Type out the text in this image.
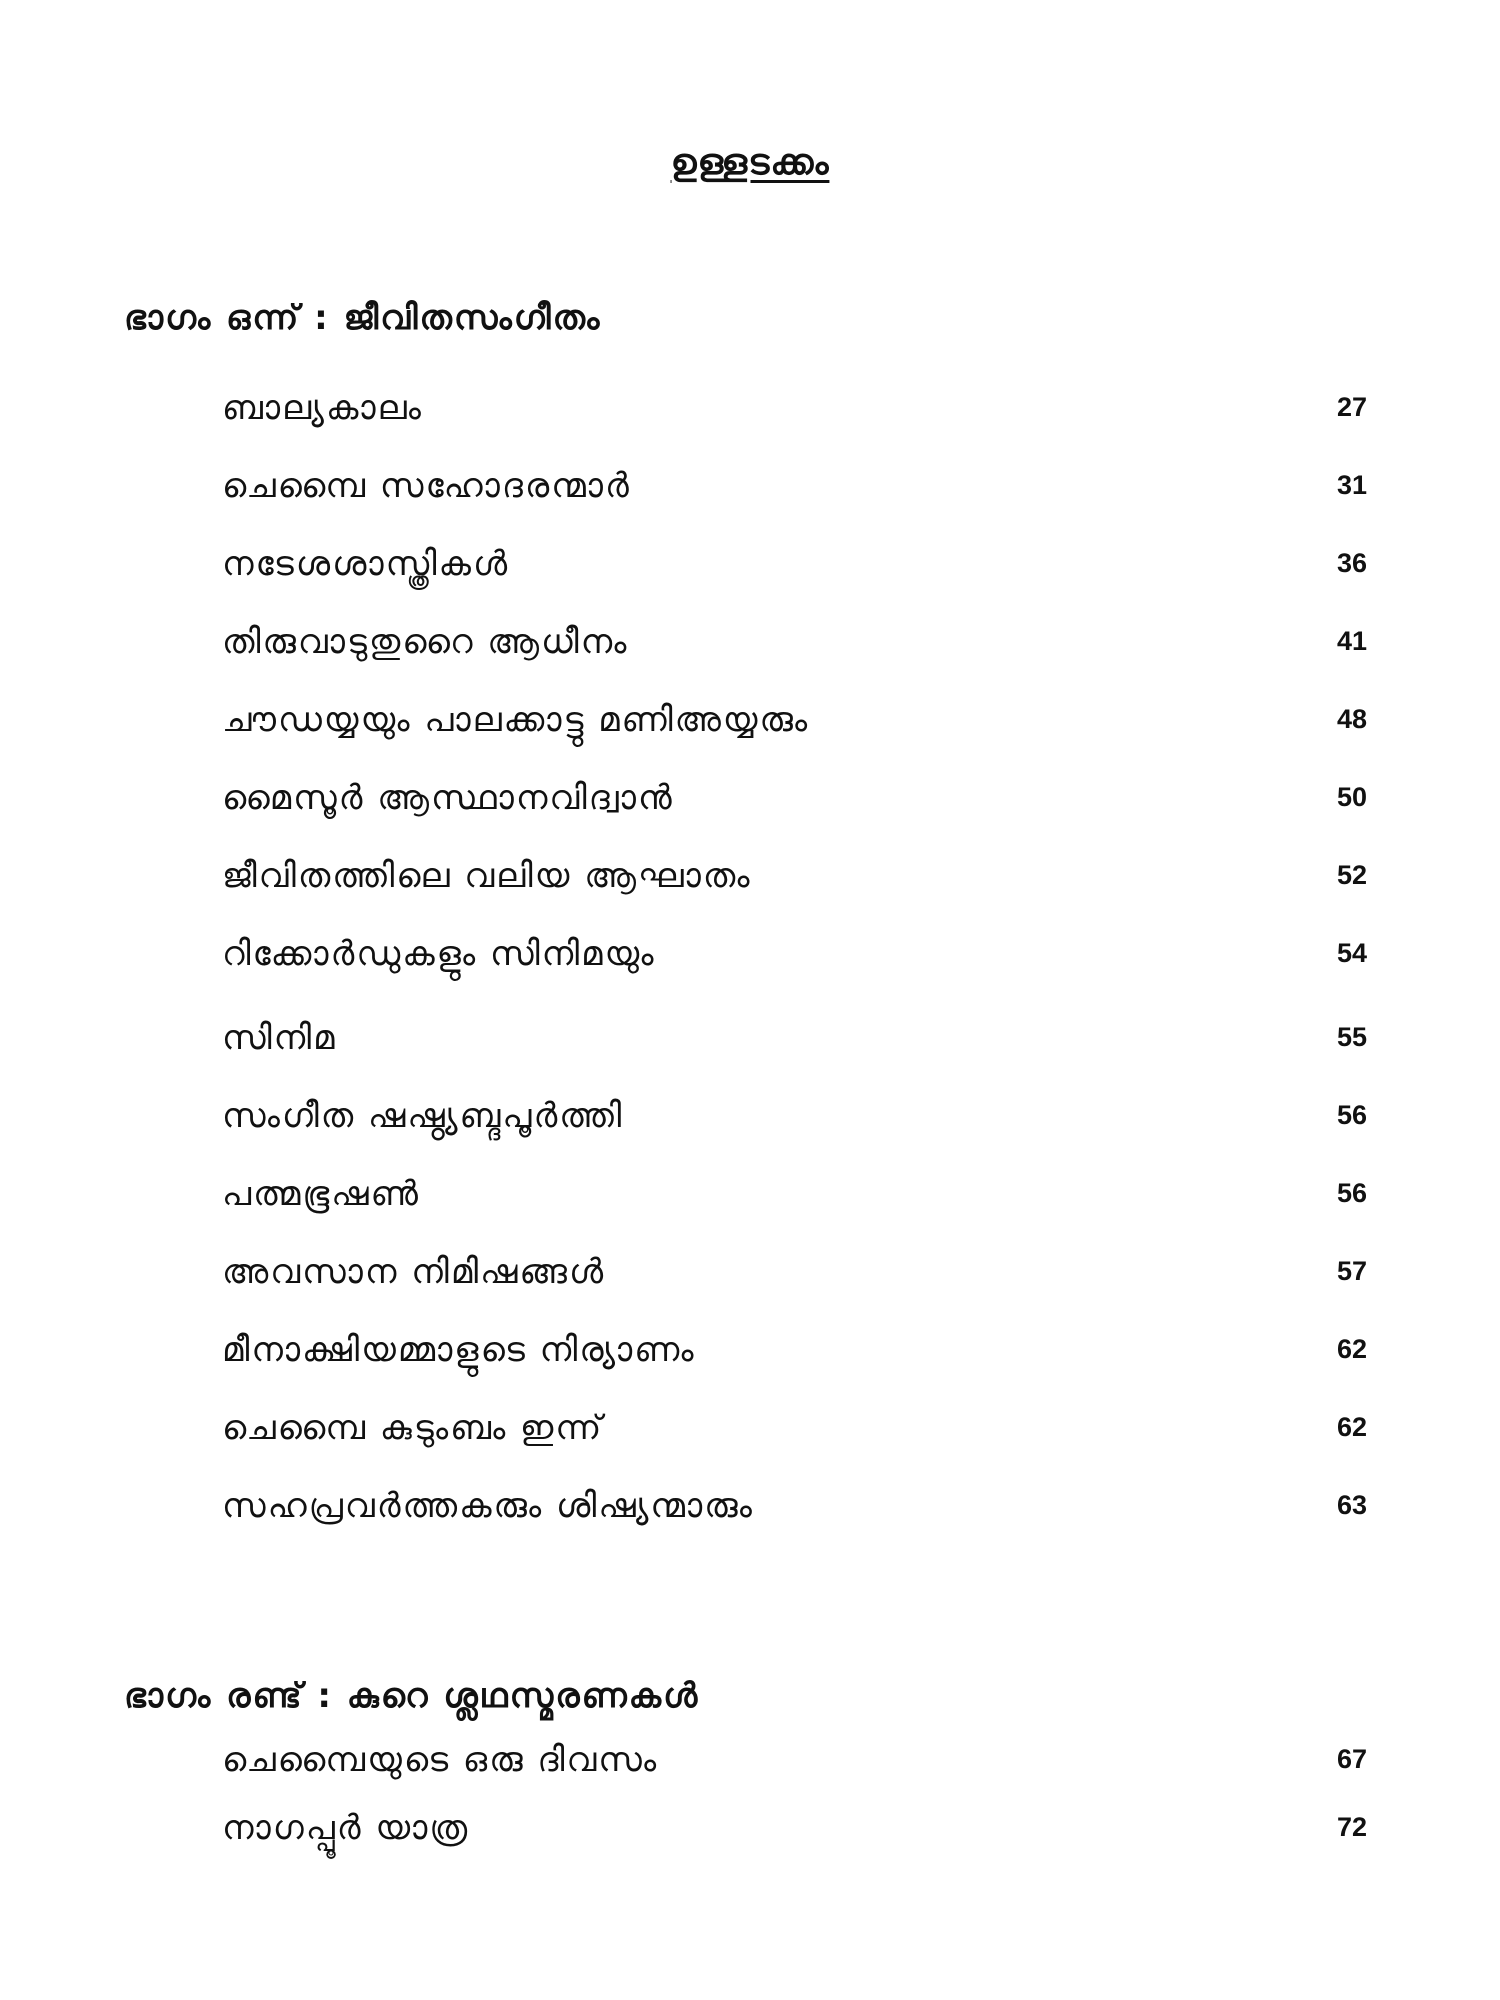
ഉള്ളടക്കം
ഭാഗം ഒന്ന് : ജീവിതസംഗീതം
ബാല്യകാലം	27
ചെമ്പൈ സഹോദരന്മാർ	31
നടേശശാസ്ത്രികൾ	36
തിരുവാടുതുറൈ ആധീനം	41
ചൗഡയ്യയും പാലക്കാട്ടു മണിഅയ്യരും	48
മൈസൂർ ആസ്ഥാനവിദ്വാൻ	50
ജീവിതത്തിലെ വലിയ ആഘാതം	52
റിക്കോർഡുകളും സിനിമയും	54
സിനിമ	55
സംഗീത ഷഷ്ഠ്യബ്ദപൂർത്തി	56
പത്മഭൂഷൺ	56
അവസാന നിമിഷങ്ങൾ	57
മീനാക്ഷിയമ്മാളുടെ നിര്യാണം	62
ചെമ്പൈ കുടുംബം ഇന്ന്	62
സഹപ്രവർത്തകരും ശിഷ്യന്മാരും	63
ഭാഗം രണ്ട് : കുറെ ശ്ലഥസ്മരണകൾ
ചെമ്പൈയുടെ ഒരു ദിവസം	67
നാഗപ്പൂർ യാത്ര	72
